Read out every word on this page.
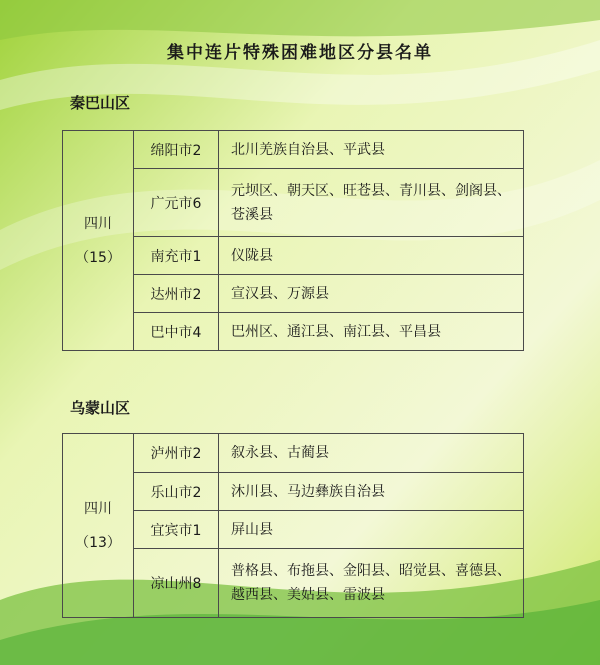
集中连片特殊困难地区分县名单
秦巴山区
四川
（15）	绵阳市2	北川羌族自治县、平武县
	广元市6	元坝区、朝天区、旺苍县、青川县、剑阁县、苍溪县
	南充市1	仪陇县
	达州市2	宣汉县、万源县
	巴中市4	巴州区、通江县、南江县、平昌县
乌蒙山区
四川
（13）	泸州市2	叙永县、古蔺县
	乐山市2	沐川县、马边彝族自治县
	宜宾市1	屏山县
	凉山州8	普格县、布拖县、金阳县、昭觉县、喜德县、越西县、美姑县、雷波县
